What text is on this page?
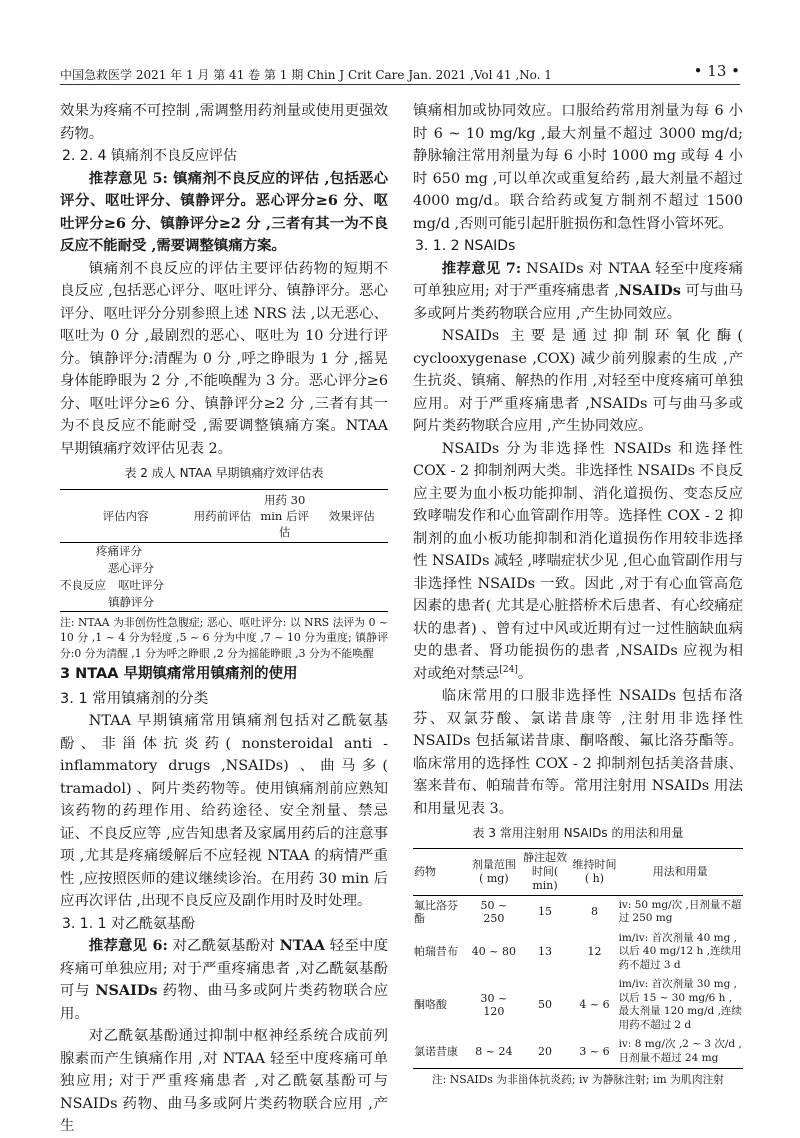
中国急救医学 2021 年 1 月 第 41 卷 第 1 期 Chin J Crit Care Jan. 2021 ,Vol 41 ,No. 1	• 13 •

效果为疼痛不可控制 ,需调整用药剂量或使用更强效药物。

2. 2. 4 镇痛剂不良反应评估

推荐意见 5: 镇痛剂不良反应的评估 ,包括恶心评分、呕吐评分、镇静评分。恶心评分≥6 分、呕吐评分≥6 分、镇静评分≥2 分 ,三者有其一为不良反应不能耐受 ,需要调整镇痛方案。

镇痛剂不良反应的评估主要评估药物的短期不良反应 ,包括恶心评分、呕吐评分、镇静评分。恶心评分、呕吐评分分别参照上述 NRS 法 ,以无恶心、呕吐为 0 分 ,最剧烈的恶心、呕吐为 10 分进行评分。镇静评分:清醒为 0 分 ,呼之睁眼为 1 分 ,摇晃身体能睁眼为 2 分 ,不能唤醒为 3 分。恶心评分≥6 分、呕吐评分≥6 分、镇静评分≥2 分 ,三者有其一为不良反应不能耐受 ,需要调整镇痛方案。NTAA 早期镇痛疗效评估见表 2。

表 2 成人 NTAA 早期镇痛疗效评估表
评估内容	用药前评估	用药 30 min 后评估	效果评估
疼痛评分			
恶心评分			
不良反应 呕吐评分			
镇静评分			

注: NTAA 为非创伤性急腹症; 恶心、呕吐评分: 以 NRS 法评为 0 ~ 10 分 ,1 ~ 4 分为轻度 ,5 ~ 6 分为中度 ,7 ~ 10 分为重度; 镇静评分:0 分为清醒 ,1 分为呼之睁眼 ,2 分为摇能睁眼 ,3 分为不能唤醒

3 NTAA 早期镇痛常用镇痛剂的使用

3. 1 常用镇痛剂的分类

NTAA 早期镇痛常用镇痛剂包括对乙酰氨基酚、非甾体抗炎药( nonsteroidal anti - inflammatory drugs ,NSAIDs) 、曲马多( tramadol) 、阿片类药物等。使用镇痛剂前应熟知该药物的药理作用、给药途径、安全剂量、禁忌证、不良反应等 ,应告知患者及家属用药后的注意事项 ,尤其是疼痛缓解后不应轻视 NTAA 的病情严重性 ,应按照医师的建议继续诊治。在用药 30 min 后应再次评估 ,出现不良反应及副作用时及时处理。

3. 1. 1 对乙酰氨基酚

推荐意见 6: 对乙酰氨基酚对 NTAA 轻至中度疼痛可单独应用; 对于严重疼痛患者 ,对乙酰氨基酚可与 NSAIDs 药物、曲马多或阿片类药物联合应用。

对乙酰氨基酚通过抑制中枢神经系统合成前列腺素而产生镇痛作用 ,对 NTAA 轻至中度疼痛可单独应用; 对于严重疼痛患者 ,对乙酰氨基酚可与 NSAIDs 药物、曲马多或阿片类药物联合应用 ,产生

镇痛相加或协同效应。口服给药常用剂量为每 6 小时 6 ~ 10 mg/kg ,最大剂量不超过 3000 mg/d; 静脉输注常用剂量为每 6 小时 1000 mg 或每 4 小时 650 mg ,可以单次或重复给药 ,最大剂量不超过 4000 mg/d。联合给药或复方制剂不超过 1500 mg/d ,否则可能引起肝脏损伤和急性肾小管坏死。

3. 1. 2 NSAIDs

推荐意见 7: NSAIDs 对 NTAA 轻至中度疼痛可单独应用; 对于严重疼痛患者 ,NSAIDs 可与曲马多或阿片类药物联合应用 ,产生协同效应。

NSAIDs 主要是通过抑制环氧化酶( cyclooxygenase ,COX) 减少前列腺素的生成 ,产生抗炎、镇痛、解热的作用 ,对轻至中度疼痛可单独应用。对于严重疼痛患者 ,NSAIDs 可与曲马多或阿片类药物联合应用 ,产生协同效应。

NSAIDs 分为非选择性 NSAIDs 和选择性 COX - 2 抑制剂两大类。非选择性 NSAIDs 不良反应主要为血小板功能抑制、消化道损伤、变态反应致哮喘发作和心血管副作用等。选择性 COX - 2 抑制剂的血小板功能抑制和消化道损伤作用较非选择性 NSAIDs 减轻 ,哮喘症状少见 ,但心血管副作用与非选择性 NSAIDs 一致。因此 ,对于有心血管高危因素的患者( 尤其是心脏搭桥术后患者、有心绞痛症状的患者) 、曾有过中风或近期有过一过性脑缺血病史的患者、肾功能损伤的患者 ,NSAIDs 应视为相对或绝对禁忌[24]。

临床常用的口服非选择性 NSAIDs 包括布洛芬、双氯芬酸、氯诺昔康等 ,注射用非选择性 NSAIDs 包括氟诺昔康、酮咯酸、氟比洛芬酯等。临床常用的选择性 COX - 2 抑制剂包括美洛昔康、塞来昔布、帕瑞昔布等。常用注射用 NSAIDs 用法和用量见表 3。

表 3 常用注射用 NSAIDs 的用法和用量
药物	剂量范围 ( mg)	静注起效 时间( min)	维持时间 ( h)	用法和用量
氟比洛芬酯	50 ~ 250	15	8	iv: 50 mg/次 ,日剂量不超过 250 mg
帕瑞昔布	40 ~ 80	13	12	im/iv: 首次剂量 40 mg ,以后 40 mg/12 h ,连续用药不超过 3 d
酮咯酸	30 ~ 120	50	4 ~ 6	im/iv: 首次剂量 30 mg ,以后 15 ~ 30 mg/6 h ,最大剂量 120 mg/d ,连续用药不超过 2 d
氯诺昔康	8 ~ 24	20	3 ~ 6	iv: 8 mg/次 ,2 ~ 3 次/d ,日剂量不超过 24 mg

注: NSAIDs 为非甾体抗炎药; iv 为静脉注射; im 为肌肉注射
